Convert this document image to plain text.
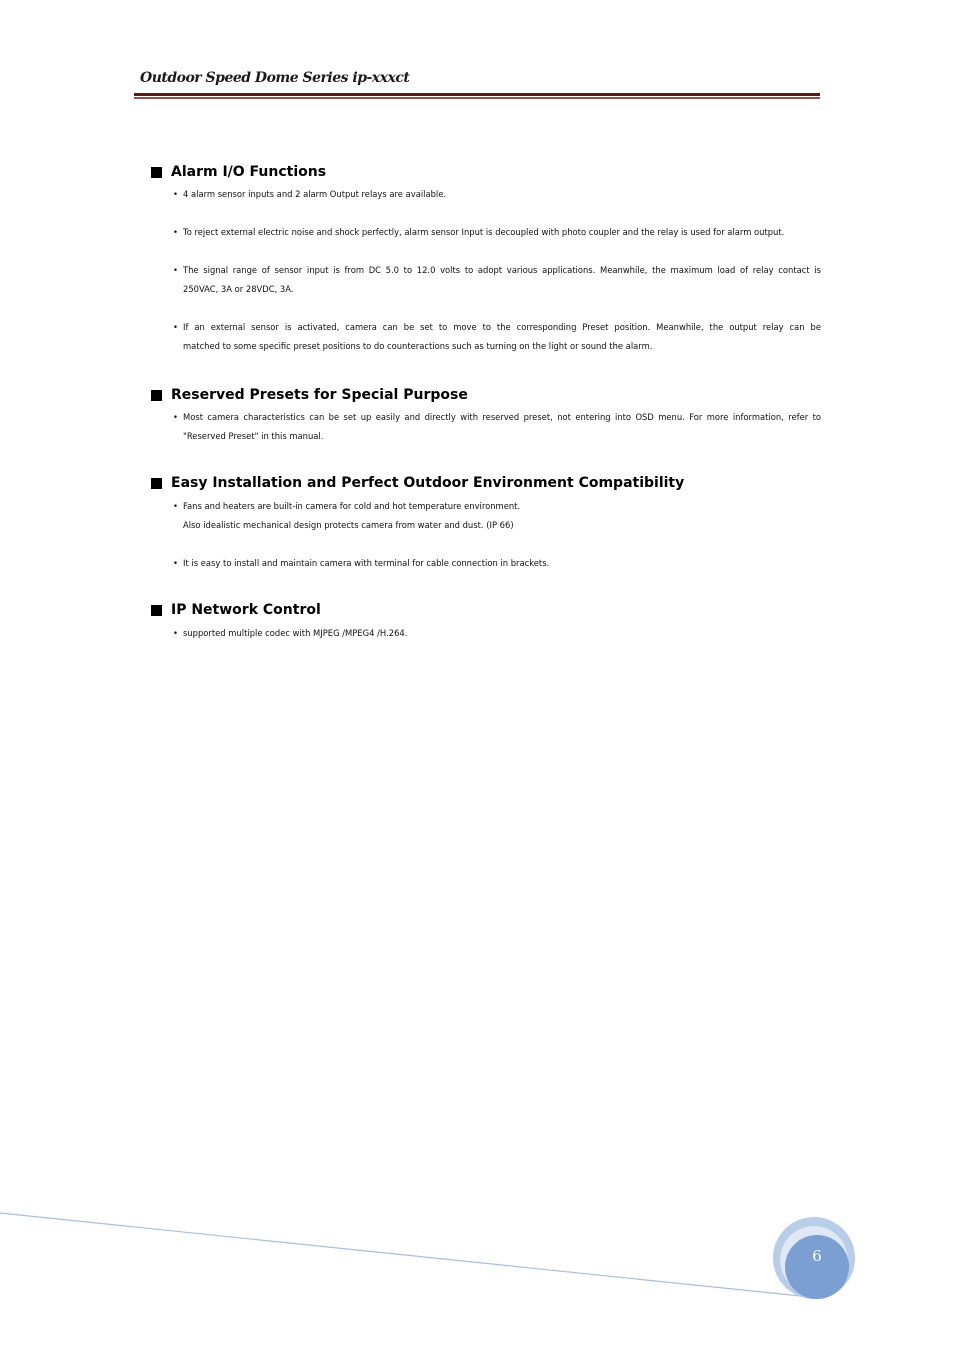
Outdoor Speed Dome Series ip-xxxct
Alarm I/O Functions
• 4 alarm sensor inputs and 2 alarm Output relays are available.
• To reject external electric noise and shock perfectly, alarm sensor Input is decoupled with photo coupler and the relay is used for alarm output.
• The signal range of sensor input is from DC 5.0 to 12.0 volts to adopt various applications. Meanwhile, the maximum load of relay contact is
250VAC, 3A or 28VDC, 3A.
• If an external sensor is activated, camera can be set to move to the corresponding Preset position. Meanwhile, the output relay can be
matched to some specific preset positions to do counteractions such as turning on the light or sound the alarm.
Reserved Presets for Special Purpose
• Most camera characteristics can be set up easily and directly with reserved preset, not entering into OSD menu. For more information, refer to
"Reserved Preset" in this manual.
Easy Installation and Perfect Outdoor Environment Compatibility
• Fans and heaters are built-in camera for cold and hot temperature environment.
Also idealistic mechanical design protects camera from water and dust. (IP 66)
• It is easy to install and maintain camera with terminal for cable connection in brackets.
IP Network Control
• supported multiple codec with MJPEG /MPEG4 /H.264.
6
